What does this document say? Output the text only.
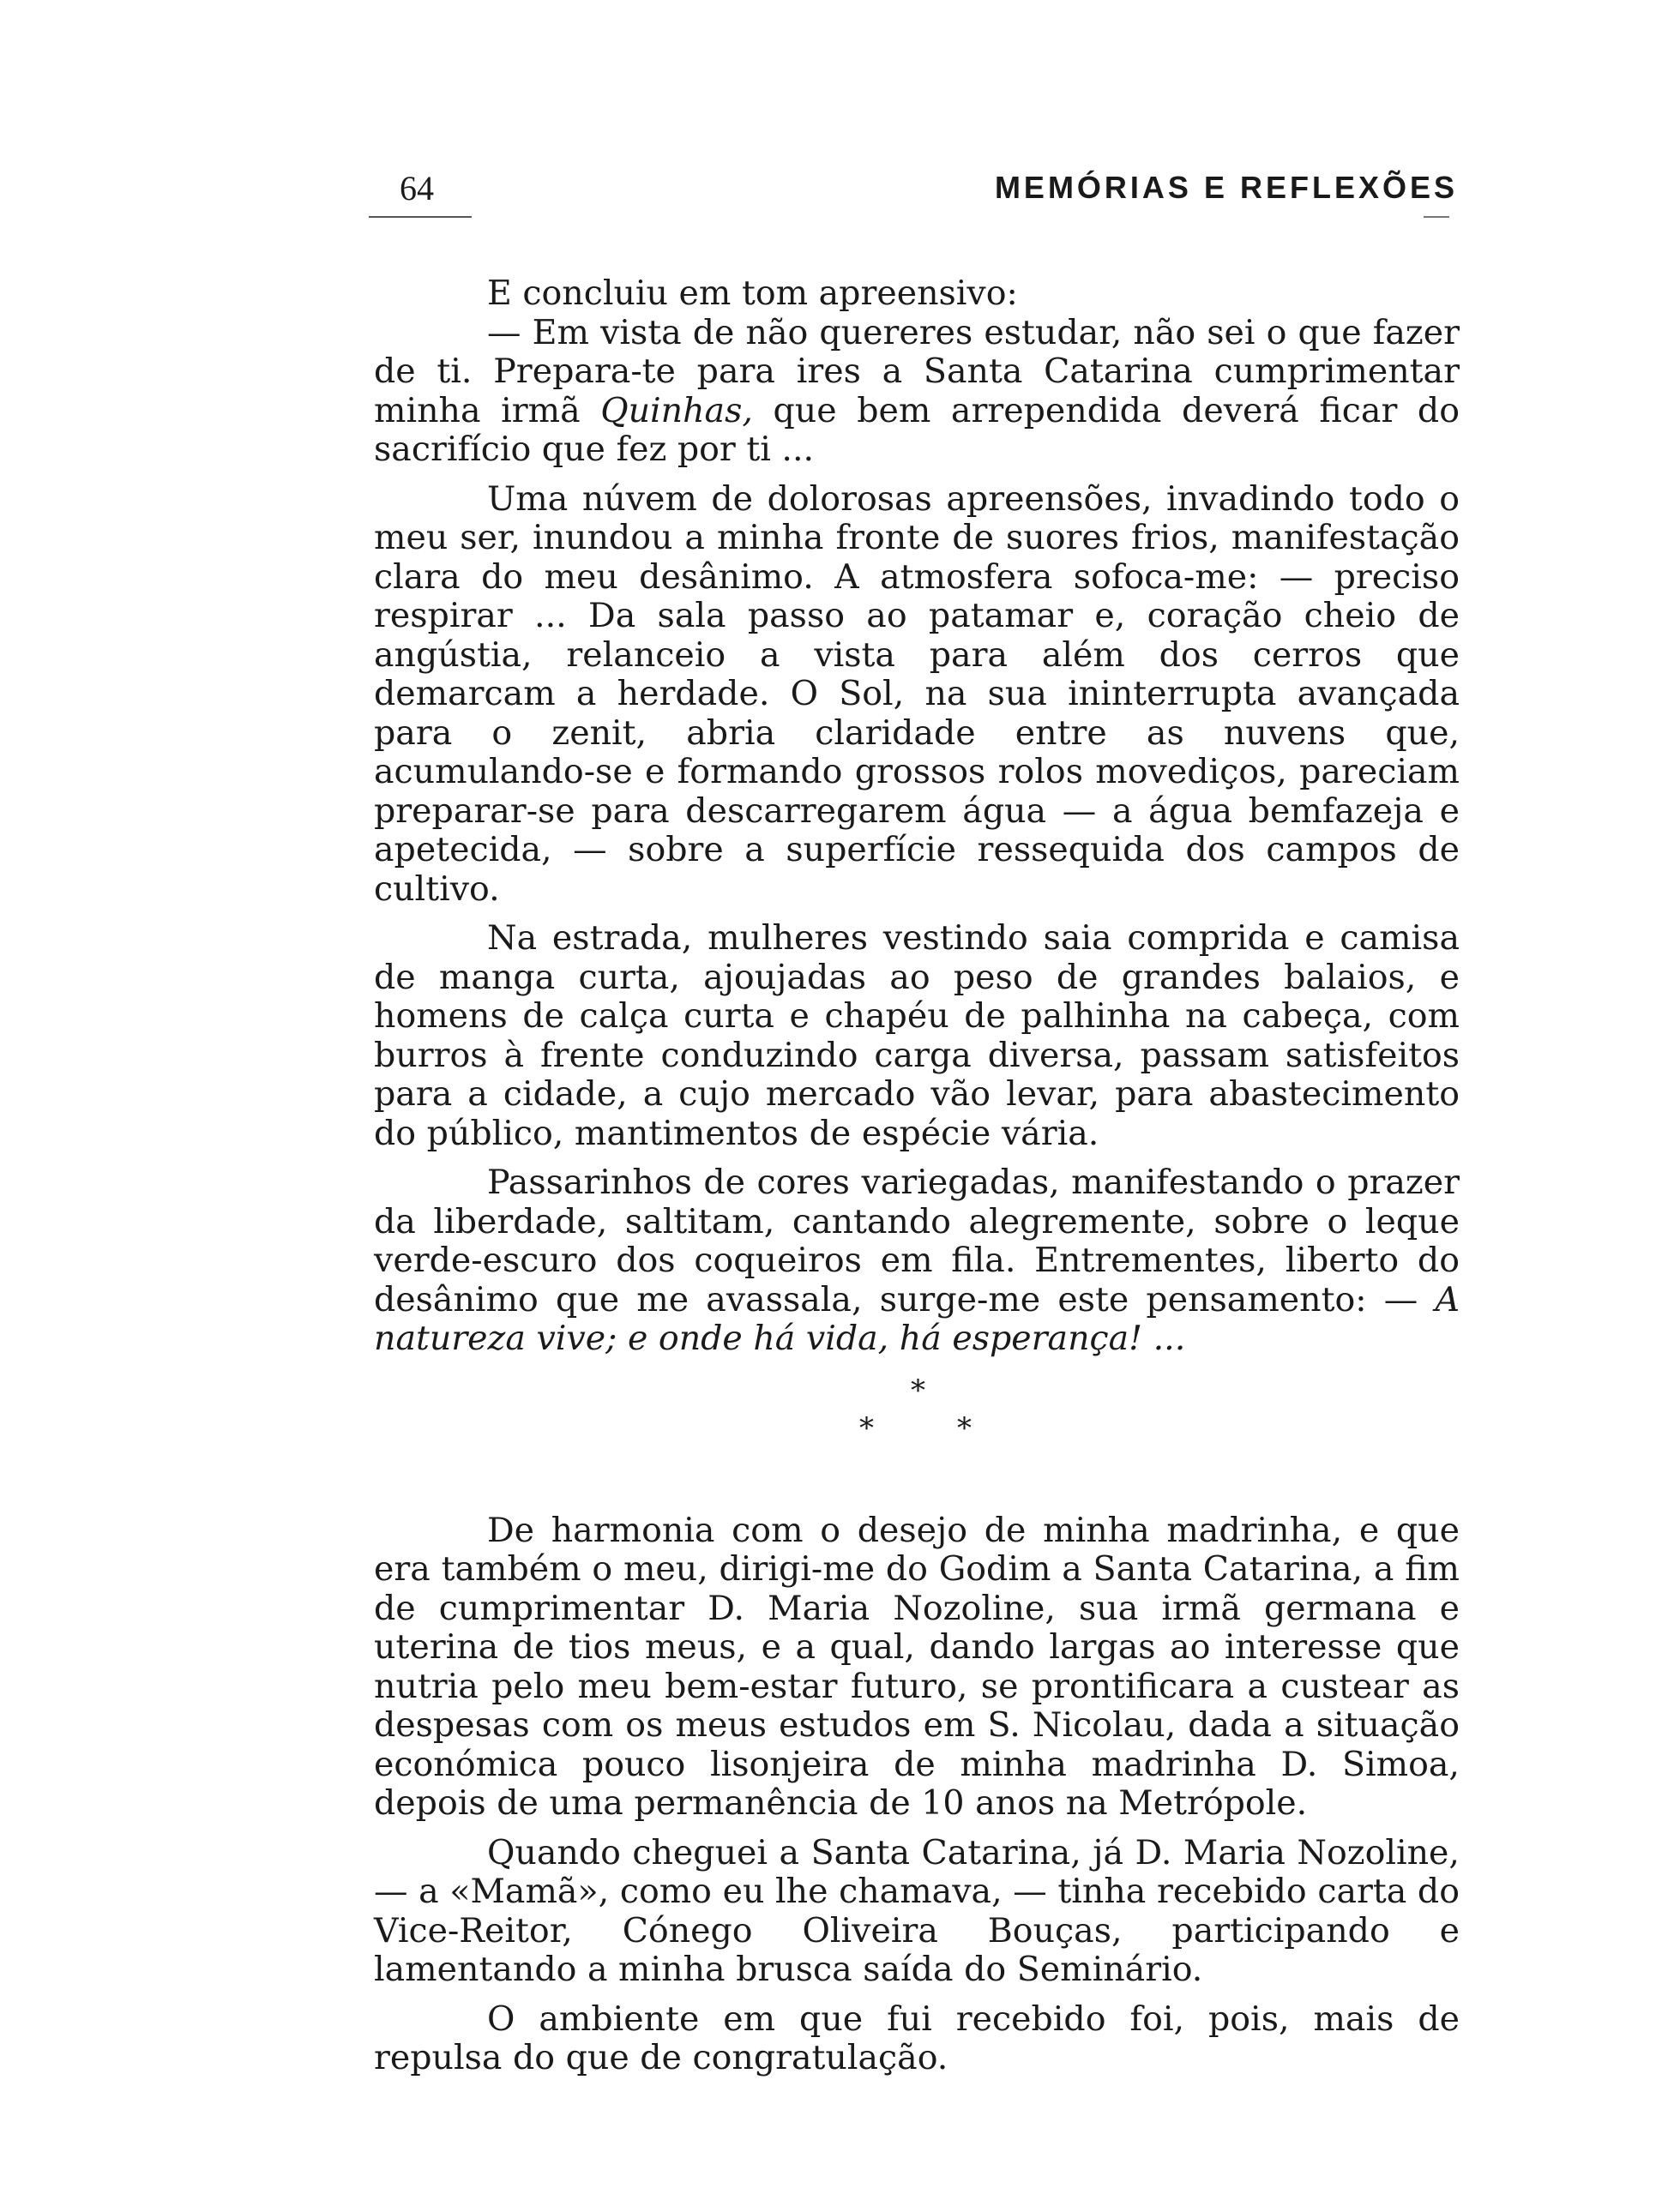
64	MEMÓRIAS E REFLEXÕES

E concluiu em tom apreensivo:

— Em vista de não quereres estudar, não sei o que fazer de ti. Prepara-te para ires a Santa Catarina cumprimentar minha irmã Quinhas, que bem arrependida deverá ficar do sacrifício que fez por ti ...

Uma núvem de dolorosas apreensões, invadindo todo o meu ser, inundou a minha fronte de suores frios, manifestação clara do meu desânimo. A atmosfera sofoca-me: — preciso respirar ... Da sala passo ao patamar e, coração cheio de angústia, relanceio a vista para além dos cerros que demarcam a herdade. O Sol, na sua ininterrupta avançada para o zenit, abria claridade entre as nuvens que, acumulando-se e formando grossos rolos movediços, pareciam preparar-se para descarregarem água — a água bemfazeja e apetecida, — sobre a superfície ressequida dos campos de cultivo.

Na estrada, mulheres vestindo saia comprida e camisa de manga curta, ajoujadas ao peso de grandes balaios, e homens de calça curta e chapéu de palhinha na cabeça, com burros à frente conduzindo carga diversa, passam satisfeitos para a cidade, a cujo mercado vão levar, para abastecimento do público, mantimentos de espécie vária.

Passarinhos de cores variegadas, manifestando o prazer da liberdade, saltitam, cantando alegremente, sobre o leque verde-escuro dos coqueiros em fila. Entrementes, liberto do desânimo que me avassala, surge-me este pensamento: — A natureza vive; e onde há vida, há esperança! ...

*
*	*

De harmonia com o desejo de minha madrinha, e que era também o meu, dirigi-me do Godim a Santa Catarina, a fim de cumprimentar D. Maria Nozoline, sua irmã germana e uterina de tios meus, e a qual, dando largas ao interesse que nutria pelo meu bem-estar futuro, se prontificara a custear as despesas com os meus estudos em S. Nicolau, dada a situação económica pouco lisonjeira de minha madrinha D. Simoa, depois de uma permanência de 10 anos na Metrópole.

Quando cheguei a Santa Catarina, já D. Maria Nozoline, — a «Mamã», como eu lhe chamava, — tinha recebido carta do Vice-Reitor, Cónego Oliveira Bouças, participando e lamentando a minha brusca saída do Seminário.

O ambiente em que fui recebido foi, pois, mais de repulsa do que de congratulação.
